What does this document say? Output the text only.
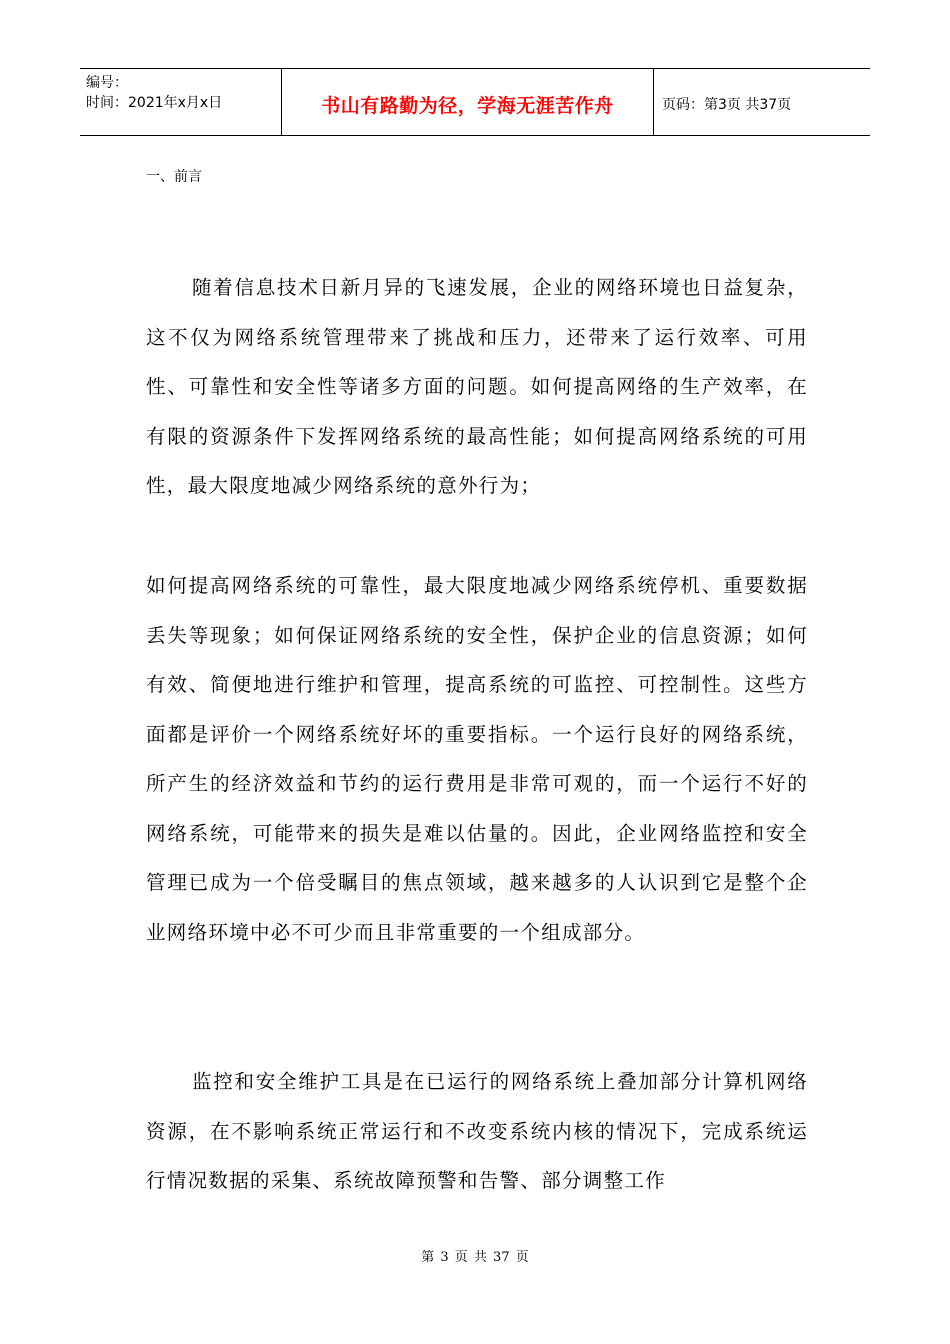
编号：
时间：2021年x月x日	书山有路勤为径，学海无涯苦作舟	页码：第3页 共37页
一、前言

随着信息技术日新月异的飞速发展，企业的网络环境也日益复杂，这不仅为网络系统管理带来了挑战和压力，还带来了运行效率、可用性、可靠性和安全性等诸多方面的问题。如何提高网络的生产效率，在有限的资源条件下发挥网络系统的最高性能；如何提高网络系统的可用性，最大限度地减少网络系统的意外行为；

如何提高网络系统的可靠性，最大限度地减少网络系统停机、重要数据丢失等现象；如何保证网络系统的安全性，保护企业的信息资源；如何有效、简便地进行维护和管理，提高系统的可监控、可控制性。这些方面都是评价一个网络系统好坏的重要指标。一个运行良好的网络系统，所产生的经济效益和节约的运行费用是非常可观的，而一个运行不好的网络系统，可能带来的损失是难以估量的。因此，企业网络监控和安全管理已成为一个倍受瞩目的焦点领域，越来越多的人认识到它是整个企业网络环境中必不可少而且非常重要的一个组成部分。

监控和安全维护工具是在已运行的网络系统上叠加部分计算机网络资源，在不影响系统正常运行和不改变系统内核的情况下，完成系统运行情况数据的采集、系统故障预警和告警、部分调整工作

第 3 页 共 37 页
